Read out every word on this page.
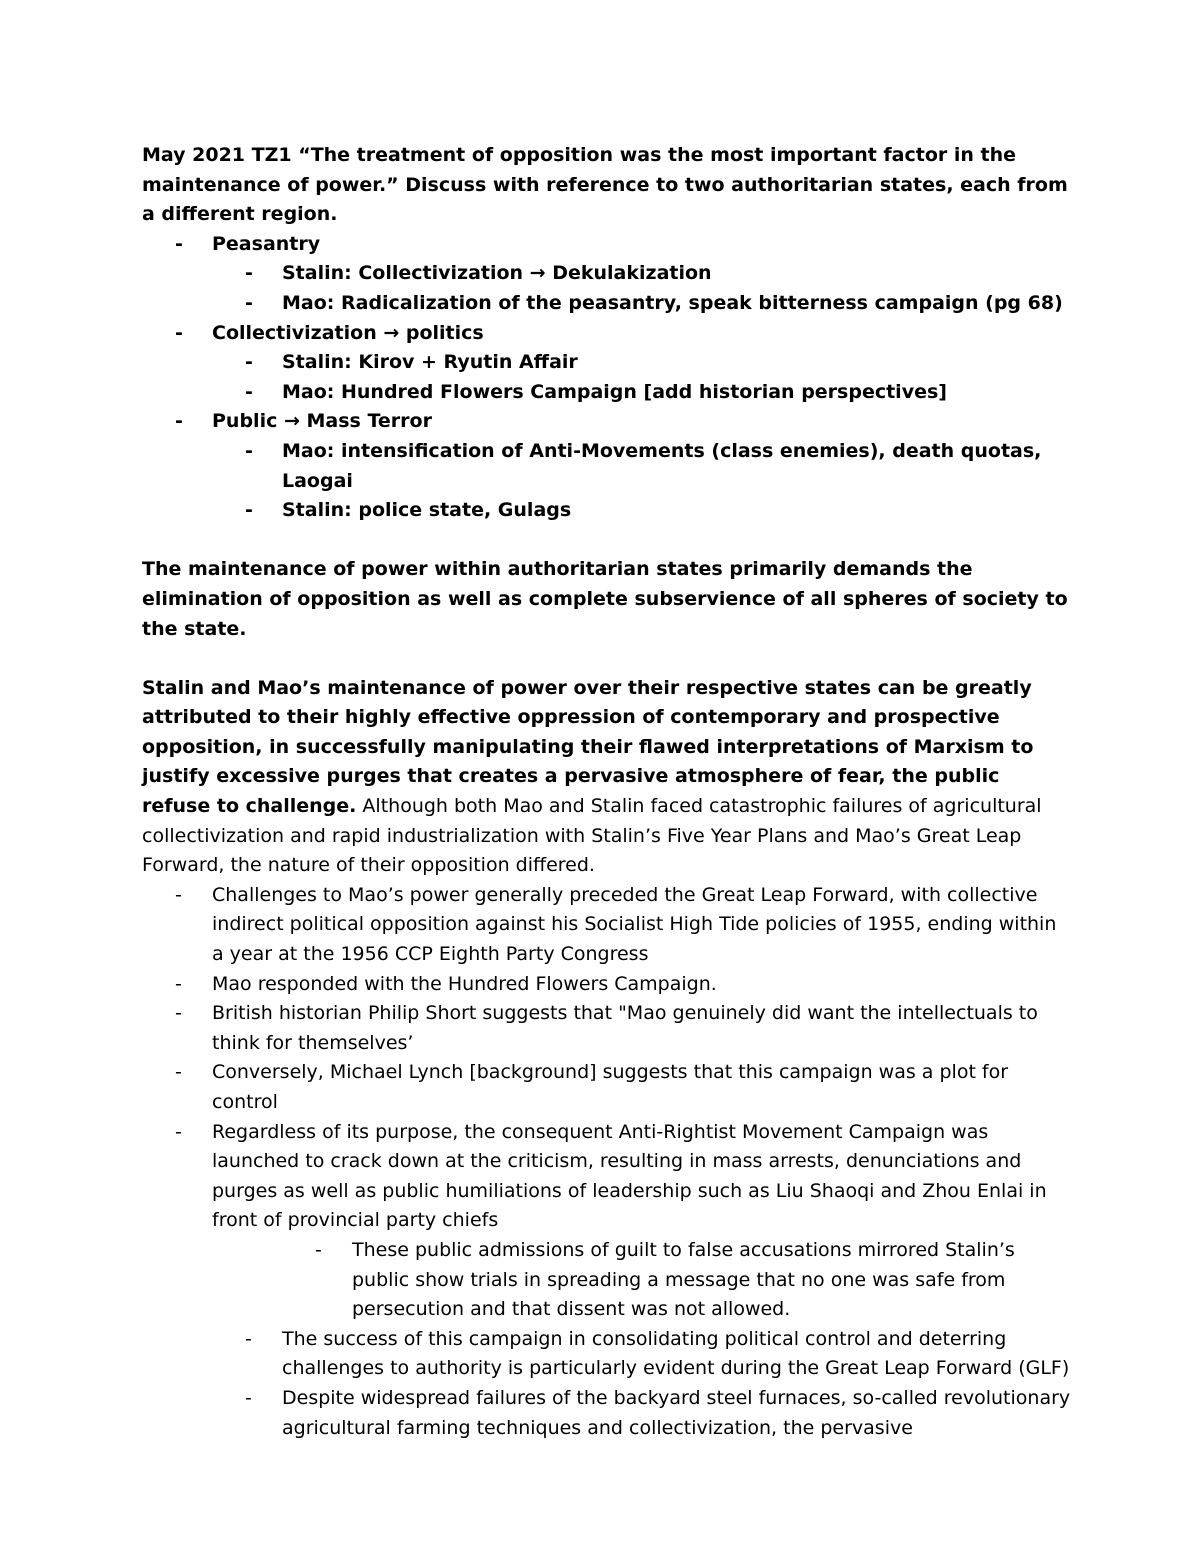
May 2021 TZ1 “The treatment of opposition was the most important factor in the maintenance of power.” Discuss with reference to two authoritarian states, each from a different region.

- Peasantry

- Stalin: Collectivization → Dekulakization

- Mao: Radicalization of the peasantry, speak bitterness campaign (pg 68)

- Collectivization → politics

- Stalin: Kirov + Ryutin Affair

- Mao: Hundred Flowers Campaign [add historian perspectives]

- Public → Mass Terror

- Mao: intensification of Anti-Movements (class enemies), death quotas, Laogai

- Stalin: police state, Gulags

The maintenance of power within authoritarian states primarily demands the elimination of opposition as well as complete subservience of all spheres of society to the state.

Stalin and Mao’s maintenance of power over their respective states can be greatly attributed to their highly effective oppression of contemporary and prospective opposition, in successfully manipulating their flawed interpretations of Marxism to justify excessive purges that creates a pervasive atmosphere of fear, the public refuse to challenge. Although both Mao and Stalin faced catastrophic failures of agricultural collectivization and rapid industrialization with Stalin’s Five Year Plans and Mao’s Great Leap Forward, the nature of their opposition differed.

- Challenges to Mao’s power generally preceded the Great Leap Forward, with collective indirect political opposition against his Socialist High Tide policies of 1955, ending within a year at the 1956 CCP Eighth Party Congress

- Mao responded with the Hundred Flowers Campaign.

- British historian Philip Short suggests that "Mao genuinely did want the intellectuals to think for themselves’

- Conversely, Michael Lynch [background] suggests that this campaign was a plot for control

- Regardless of its purpose, the consequent Anti-Rightist Movement Campaign was launched to crack down at the criticism, resulting in mass arrests, denunciations and purges as well as public humiliations of leadership such as Liu Shaoqi and Zhou Enlai in front of provincial party chiefs

- These public admissions of guilt to false accusations mirrored Stalin’s public show trials in spreading a message that no one was safe from persecution and that dissent was not allowed.

- The success of this campaign in consolidating political control and deterring challenges to authority is particularly evident during the Great Leap Forward (GLF)

- Despite widespread failures of the backyard steel furnaces, so-called revolutionary agricultural farming techniques and collectivization, the pervasive
